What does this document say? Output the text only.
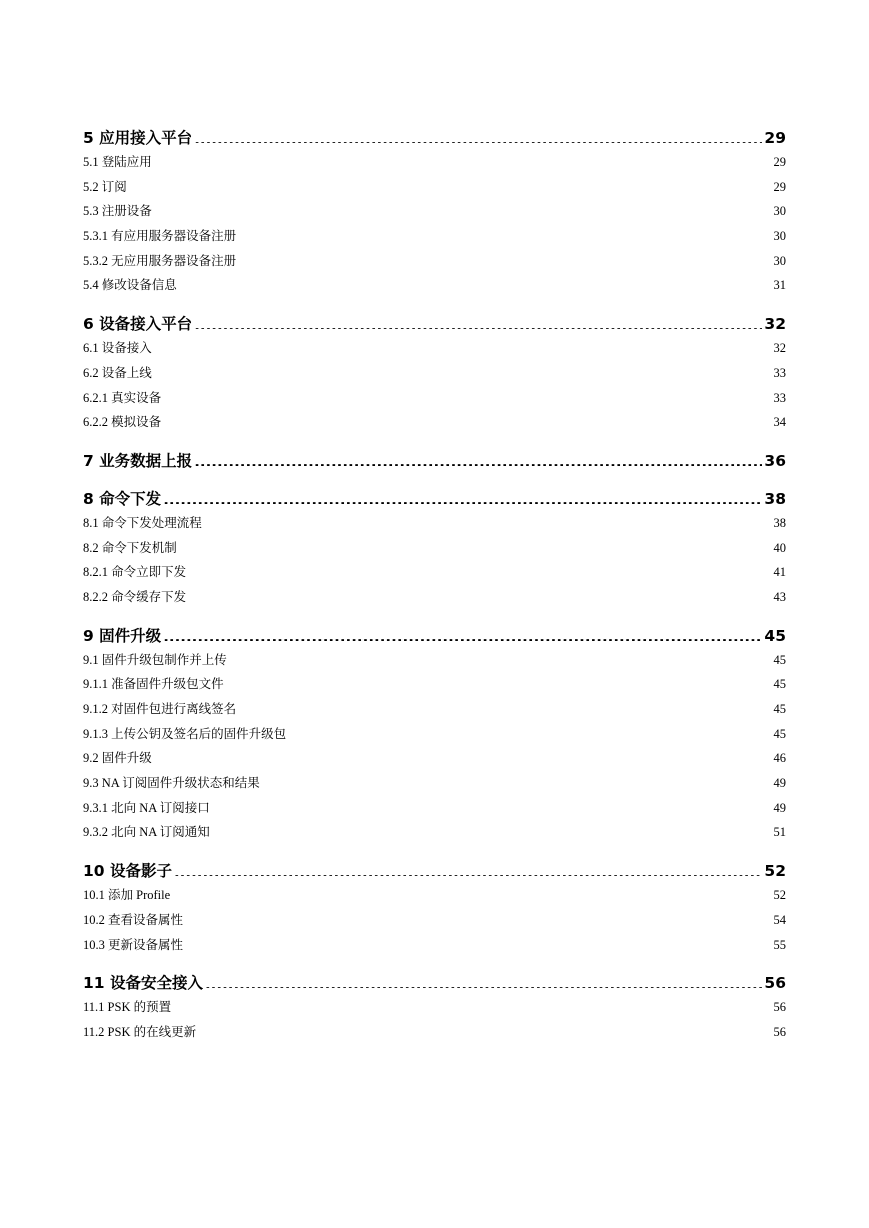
5 应用接入平台 .....	29
5.1 登陆应用 .....	29
5.2 订阅 .....	29
5.3 注册设备 .....	30
5.3.1 有应用服务器设备注册 .....	30
5.3.2 无应用服务器设备注册 .....	30
5.4 修改设备信息 .....	31
6 设备接入平台 .....	32
6.1 设备接入 .....	32
6.2 设备上线 .....	33
6.2.1 真实设备 .....	33
6.2.2 模拟设备 .....	34
7 业务数据上报 .....	36
8 命令下发 .....	38
8.1 命令下发处理流程 .....	38
8.2 命令下发机制 .....	40
8.2.1 命令立即下发 .....	41
8.2.2 命令缓存下发 .....	43
9 固件升级 .....	45
9.1 固件升级包制作并上传 .....	45
9.1.1 准备固件升级包文件 .....	45
9.1.2 对固件包进行离线签名 .....	45
9.1.3 上传公钥及签名后的固件升级包 .....	45
9.2 固件升级 .....	46
9.3 NA 订阅固件升级状态和结果 .....	49
9.3.1 北向 NA 订阅接口 .....	49
9.3.2 北向 NA 订阅通知 .....	51
10 设备影子 .....	52
10.1 添加 Profile .....	52
10.2 查看设备属性 .....	54
10.3 更新设备属性 .....	55
11 设备安全接入 .....	56
11.1 PSK 的预置 .....	56
11.2 PSK 的在线更新 .....	56
